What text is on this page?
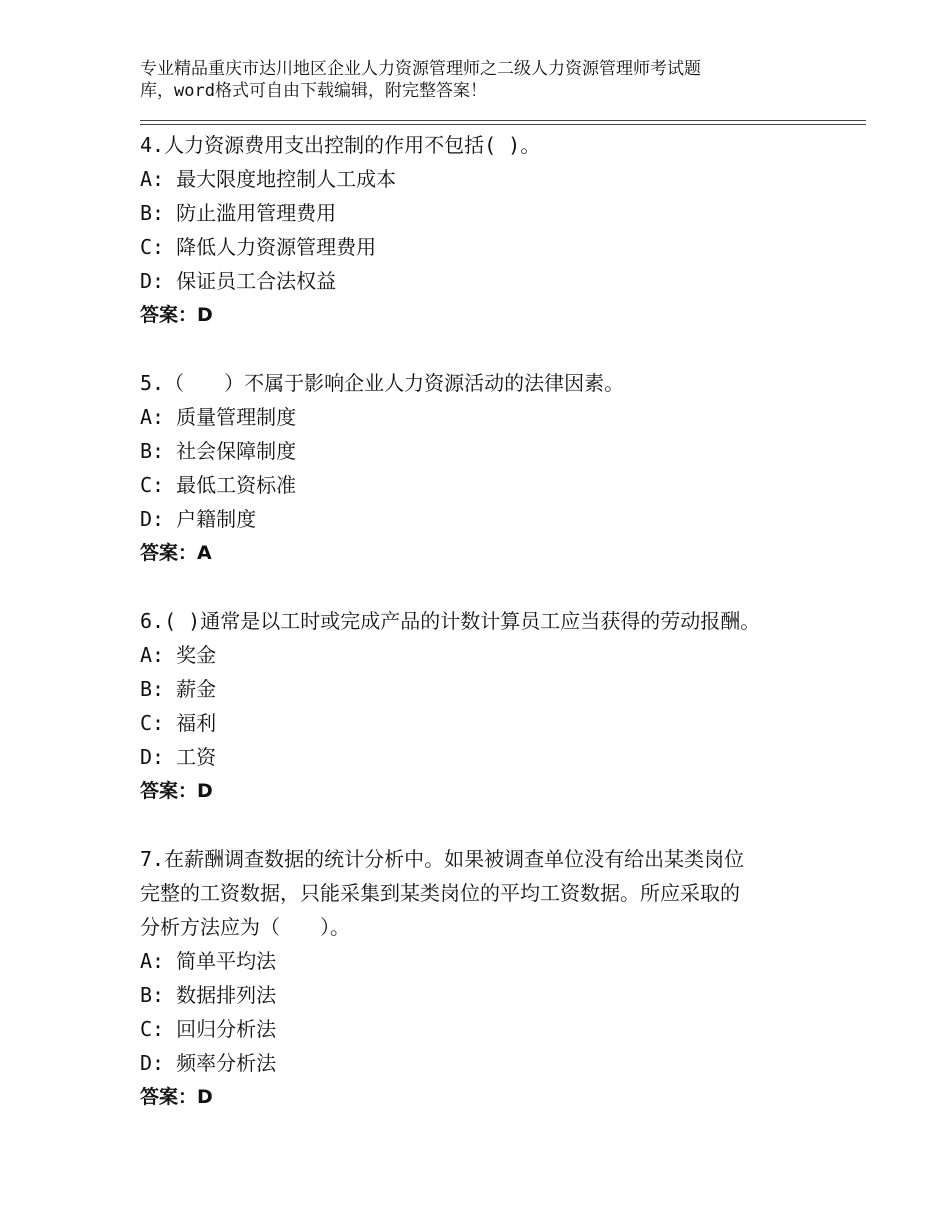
专业精品重庆市达川地区企业人力资源管理师之二级人力资源管理师考试题
库，word格式可自由下载编辑，附完整答案！
4.人力资源费用支出控制的作用不包括( )。
A: 最大限度地控制人工成本
B: 防止滥用管理费用
C: 降低人力资源管理费用
D: 保证员工合法权益
答案：D
5.（　　）不属于影响企业人力资源活动的法律因素。
A: 质量管理制度
B: 社会保障制度
C: 最低工资标准
D: 户籍制度
答案：A
6.( )通常是以工时或完成产品的计数计算员工应当获得的劳动报酬。
A: 奖金
B: 薪金
C: 福利
D: 工资
答案：D
7.在薪酬调查数据的统计分析中。如果被调查单位没有给出某类岗位
完整的工资数据，只能采集到某类岗位的平均工资数据。所应采取的
分析方法应为（　　）。
A: 简单平均法
B: 数据排列法
C: 回归分析法
D: 频率分析法
答案：D
